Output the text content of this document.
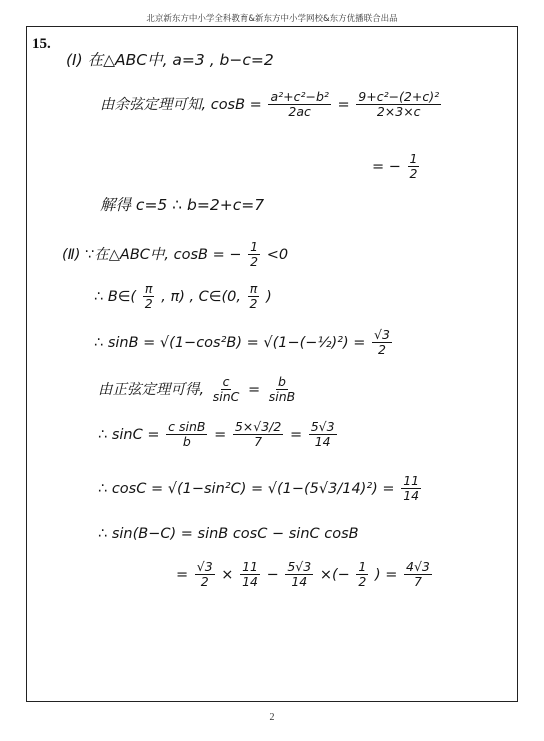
北京新东方中小学全科教育&新东方中小学网校&东方优播联合出品
15.
(Ⅰ) 在△ABC中, a=3 , b−c=2
由余弦定理可知, $\cos B = \frac{\text{a²+c²−b²}}{2ac} = \frac{\text{9+c²−(2+c)²}}{2\times 3\times c}$
= − $\frac{1}{2}$
解得 c=5 ∴ b=2+c=7
(Ⅱ) ∵在△ABC中, cosB = − $\frac{1}{2} <0$
∴ B∈( $\frac{\pi}{2}$ , π) , C∈(0, $\frac{\pi}{2}$ )
∴ sinB = √(1−cos²B) = √(1−(−½)²) = $\frac{√3}{2}$
由正弦定理可得, $\frac{c}{\sin C} = \frac{b}{\sin B}$
∴ $\sin C = \frac{\text{c sinB}}{b} = \frac{5\times√3/2}{7} = \frac{5√3}{14}$
∴ $\cos C = √(1-\sin^2C) = √(1-(5√3/14)^2) = \frac{11}{14}$
∴ sin(B−C) = sinB cosC − sinC cosB
= $\frac{√3}{2} \times \frac{11}{14} - \frac{5√3}{14}$ ×(− $\frac{1}{2}$ ) = $\frac{4√3}{7}$
2
